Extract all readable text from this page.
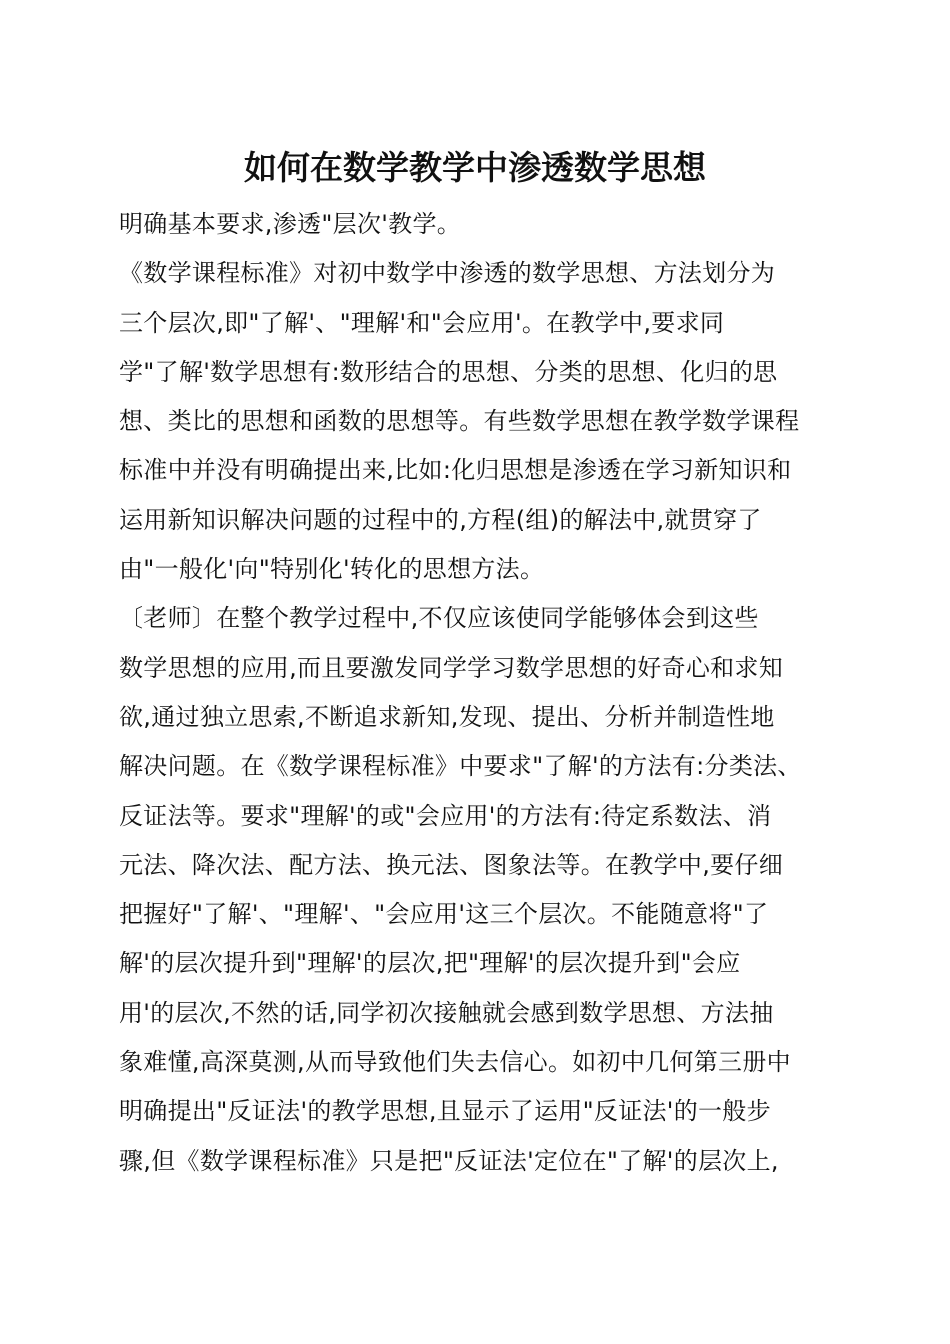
如何在数学教学中渗透数学思想
明确基本要求,渗透"层次'教学。
《数学课程标准》对初中数学中渗透的数学思想、方法划分为
三个层次,即"了解'、"理解'和"会应用'。在教学中,要求同
学"了解'数学思想有:数形结合的思想、分类的思想、化归的思
想、类比的思想和函数的思想等。有些数学思想在教学数学课程
标准中并没有明确提出来,比如:化归思想是渗透在学习新知识和
运用新知识解决问题的过程中的,方程(组)的解法中,就贯穿了
由"一般化'向"特别化'转化的思想方法。
〔老师〕在整个教学过程中,不仅应该使同学能够体会到这些
数学思想的应用,而且要激发同学学习数学思想的好奇心和求知
欲,通过独立思索,不断追求新知,发现、提出、分析并制造性地
解决问题。在《数学课程标准》中要求"了解'的方法有:分类法、
反证法等。要求"理解'的或"会应用'的方法有:待定系数法、消
元法、降次法、配方法、换元法、图象法等。在教学中,要仔细
把握好"了解'、"理解'、"会应用'这三个层次。不能随意将"了
解'的层次提升到"理解'的层次,把"理解'的层次提升到"会应
用'的层次,不然的话,同学初次接触就会感到数学思想、方法抽
象难懂,高深莫测,从而导致他们失去信心。如初中几何第三册中
明确提出"反证法'的教学思想,且显示了运用"反证法'的一般步
骤,但《数学课程标准》只是把"反证法'定位在"了解'的层次上,
